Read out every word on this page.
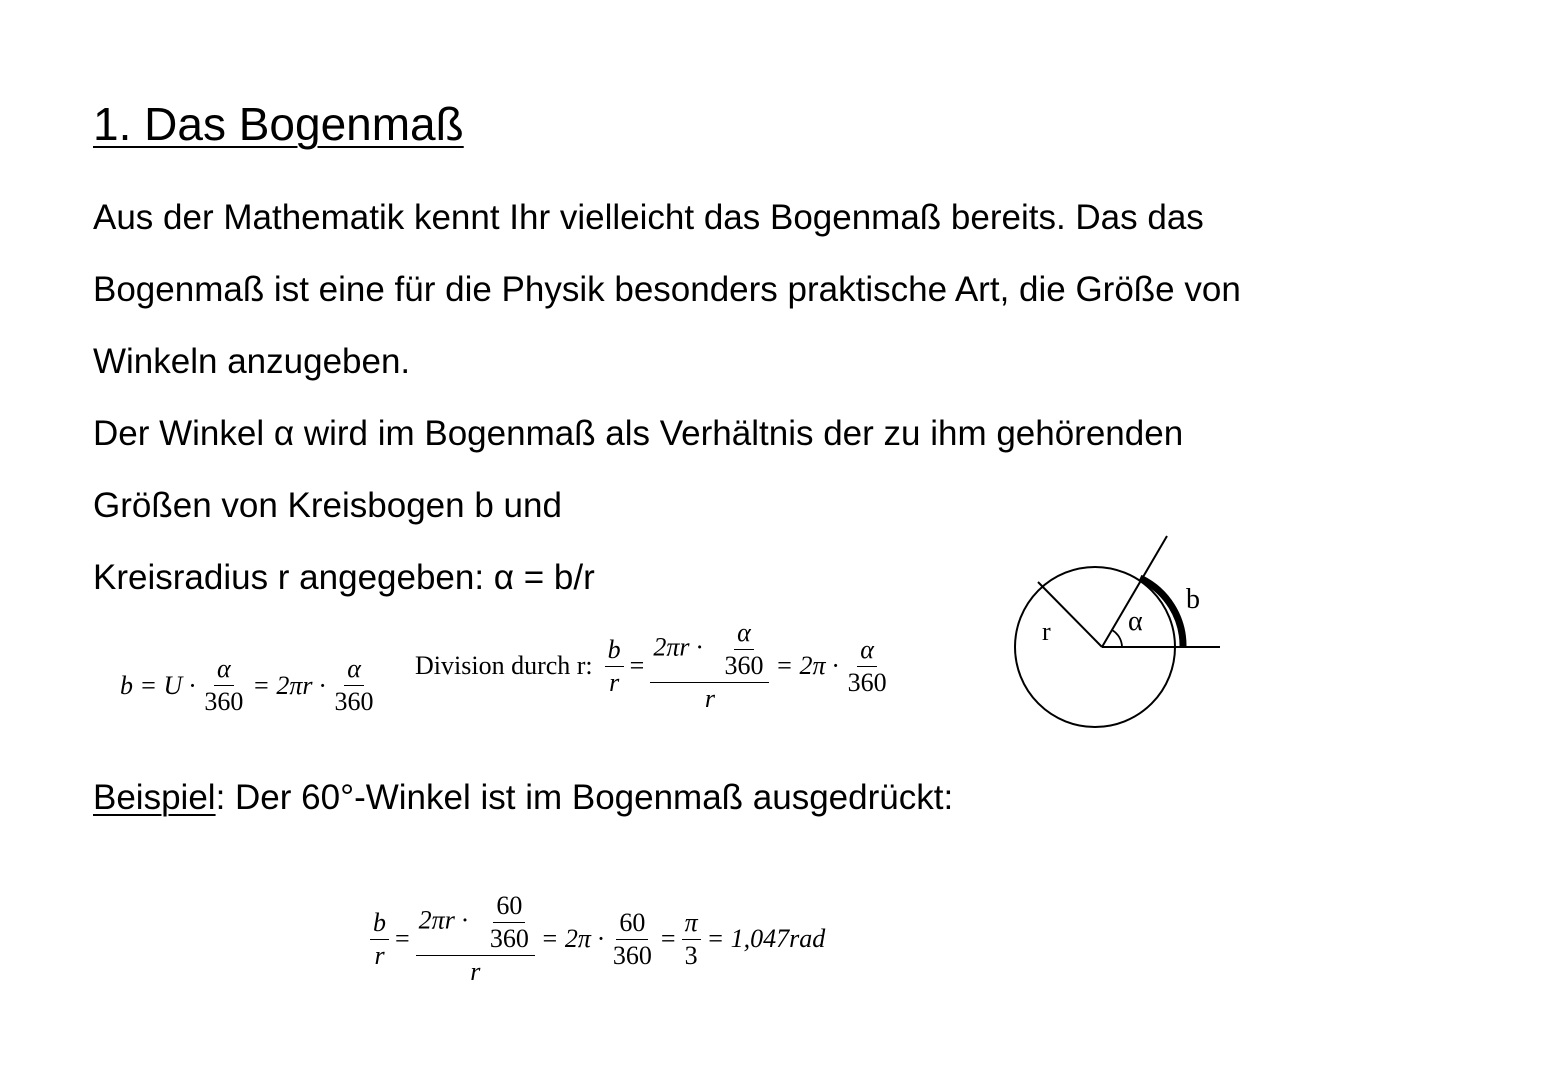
1. Das Bogenmaß

Aus der Mathematik kennt Ihr vielleicht das Bogenmaß bereits. Das das

Bogenmaß ist eine für die Physik besonders praktische Art, die Größe von

Winkeln anzugeben.

Der Winkel α wird im Bogenmaß als Verhältnis der zu ihm gehörenden

Größen von Kreisbogen b und

Kreisradius r angegeben: α = b/r

$b = U \cdot \frac{\alpha}{360} = 2\pi r \cdot \frac{\alpha}{360}$ Division durch r: $\frac{b}{r} = \frac{2\pi r \cdot \frac{\alpha}{360}}{r} = 2\pi \cdot \frac{\alpha}{360}$
r	α
b

Beispiel: Der 60°-Winkel ist im Bogenmaß ausgedrückt:

$\frac{b}{r} = \frac{2\pi r \cdot \frac{60}{360}}{r} = 2\pi \cdot \frac{60}{360} = \frac{\pi}{3} = 1,047rad$
